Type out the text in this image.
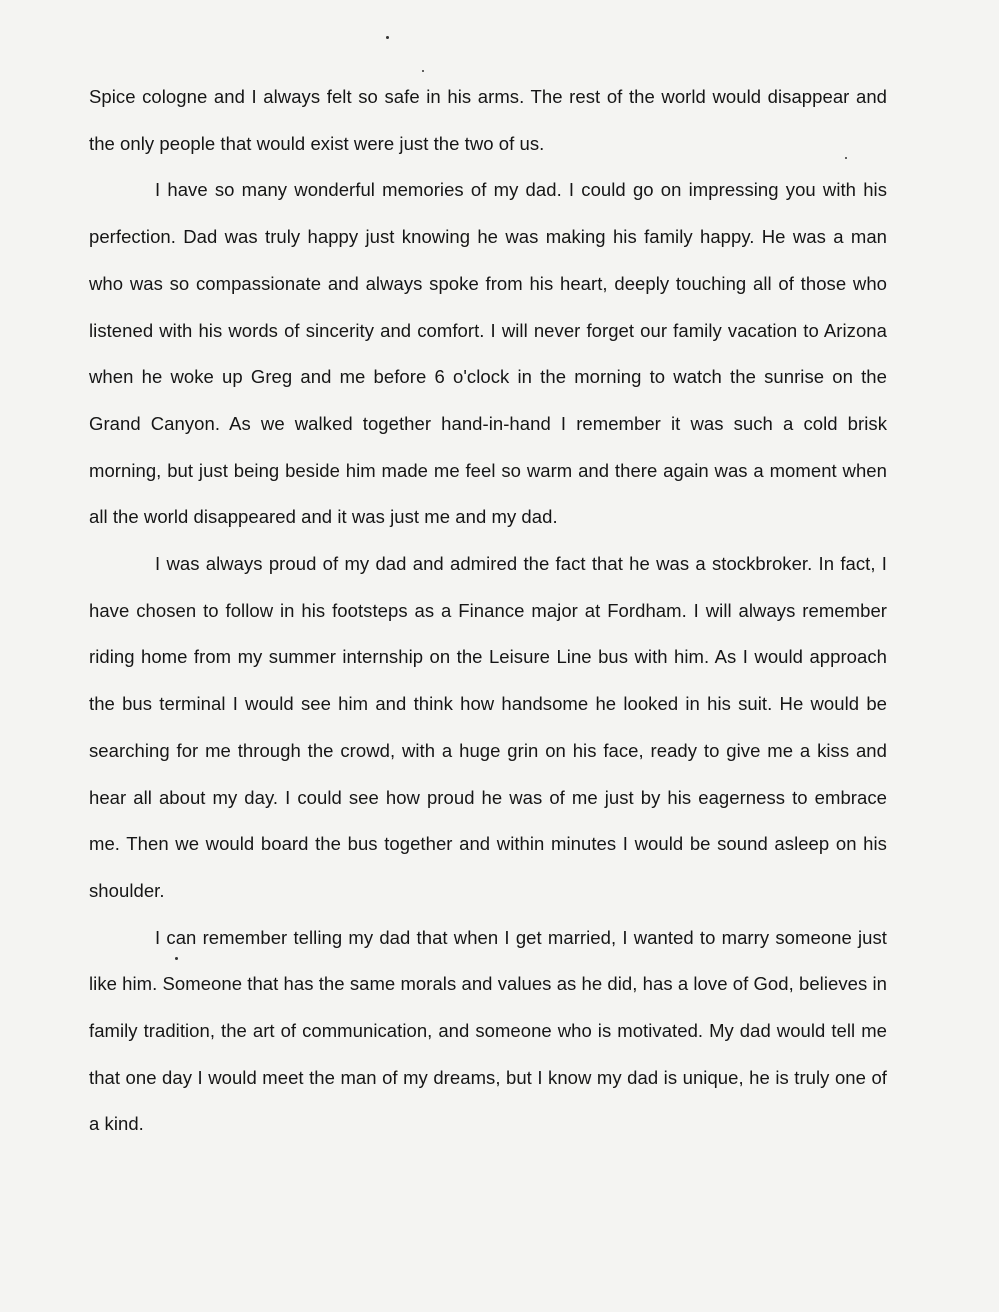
Spice cologne and I always felt so safe in his arms. The rest of the world would disappear and the only people that would exist were just the two of us.

I have so many wonderful memories of my dad. I could go on impressing you with his perfection. Dad was truly happy just knowing he was making his family happy. He was a man who was so compassionate and always spoke from his heart, deeply touching all of those who listened with his words of sincerity and comfort. I will never forget our family vacation to Arizona when he woke up Greg and me before 6 o'clock in the morning to watch the sunrise on the Grand Canyon. As we walked together hand-in-hand I remember it was such a cold brisk morning, but just being beside him made me feel so warm and there again was a moment when all the world disappeared and it was just me and my dad.

I was always proud of my dad and admired the fact that he was a stockbroker. In fact, I have chosen to follow in his footsteps as a Finance major at Fordham. I will always remember riding home from my summer internship on the Leisure Line bus with him. As I would approach the bus terminal I would see him and think how handsome he looked in his suit. He would be searching for me through the crowd, with a huge grin on his face, ready to give me a kiss and hear all about my day. I could see how proud he was of me just by his eagerness to embrace me. Then we would board the bus together and within minutes I would be sound asleep on his shoulder.

I can remember telling my dad that when I get married, I wanted to marry someone just like him. Someone that has the same morals and values as he did, has a love of God, believes in family tradition, the art of communication, and someone who is motivated. My dad would tell me that one day I would meet the man of my dreams, but I know my dad is unique, he is truly one of a kind.
